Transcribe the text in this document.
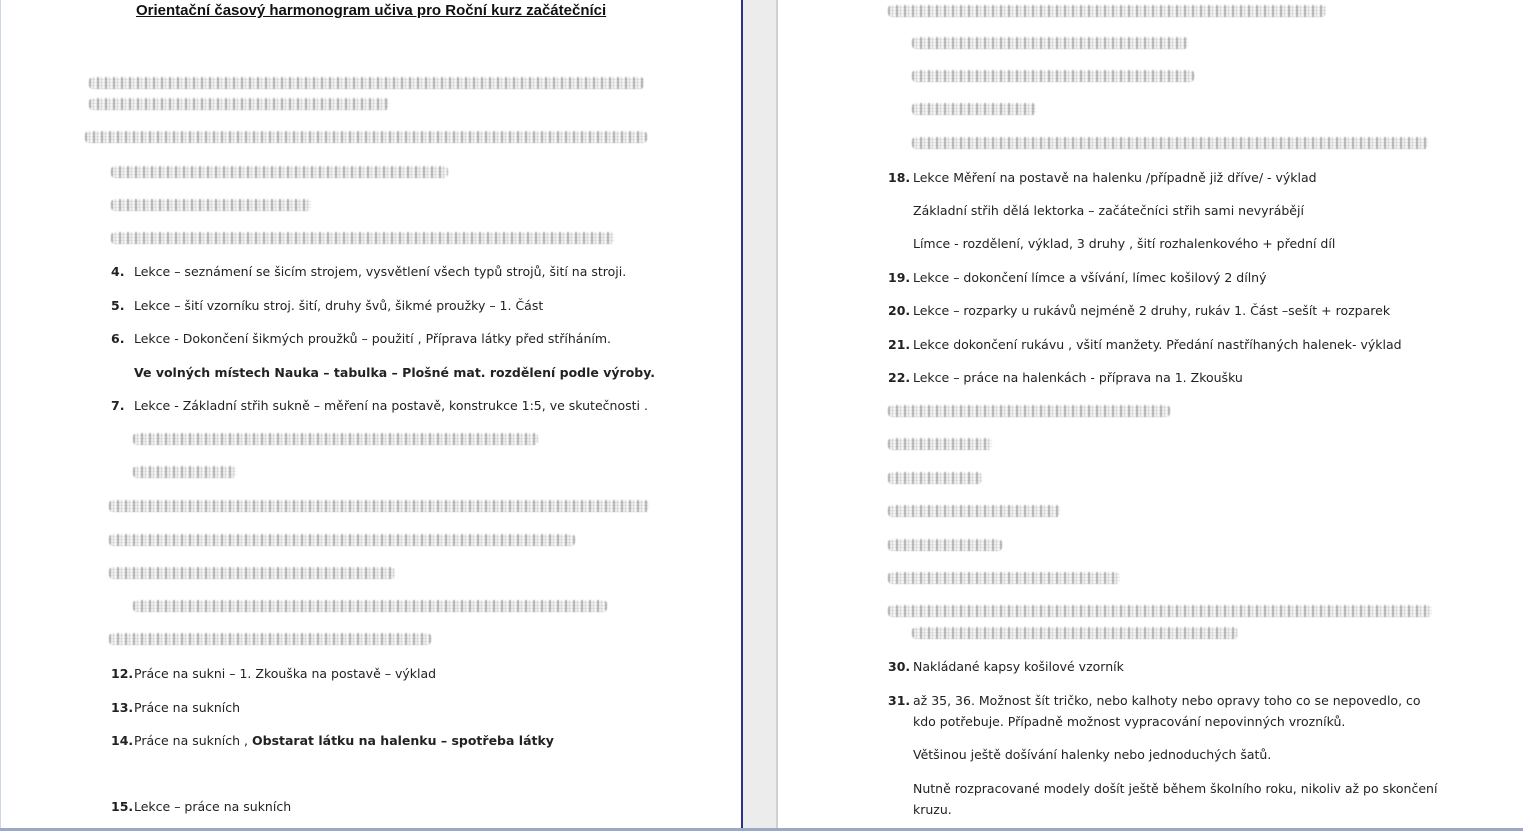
Orientační časový harmonogram učiva pro Roční kurz začátečníci
4. Lekce – seznámení se šicím strojem, vysvětlení všech typů strojů, šití na stroji.
5. Lekce – šití vzorníku stroj. šití, druhy švů, šikmé proužky – 1. Část
6. Lekce - Dokončení šikmých proužků – použití , Příprava látky před stříháním.
Ve volných místech Nauka – tabulka – Plošné mat. rozdělení podle výroby.
7. Lekce - Základní střih sukně – měření na postavě, konstrukce 1:5, ve skutečnosti .
12. Práce na sukni – 1. Zkouška na postavě – výklad
13. Práce na sukních
14. Práce na sukních , Obstarat látku na halenku – spotřeba látky
15. Lekce – práce na sukních
18. Lekce Měření na postavě na halenku /případně již dříve/ - výklad
Základní střih dělá lektorka – začátečníci střih sami nevyrábějí
Límce - rozdělení, výklad, 3 druhy , šití rozhalenkového + přední díl
19. Lekce – dokončení límce a všívání, límec košilový 2 dílný
20. Lekce – rozparky u rukávů nejméně 2 druhy, rukáv 1. Část –sešít + rozparek
21. Lekce dokončení rukávu , všití manžety. Předání nastříhaných halenek- výklad
22. Lekce – práce na halenkách - příprava na 1. Zkoušku
30. Nakládané kapsy košilové vzorník
31. až 35, 36. Možnost šít tričko, nebo kalhoty nebo opravy toho co se nepovedlo, co
kdo potřebuje. Případně možnost vypracování nepovinných vrozníků.
Většinou ještě došívání halenky nebo jednoduchých šatů.
Nutně rozpracované modely došít ještě během školního roku, nikoliv až po skončení
kruzu.
